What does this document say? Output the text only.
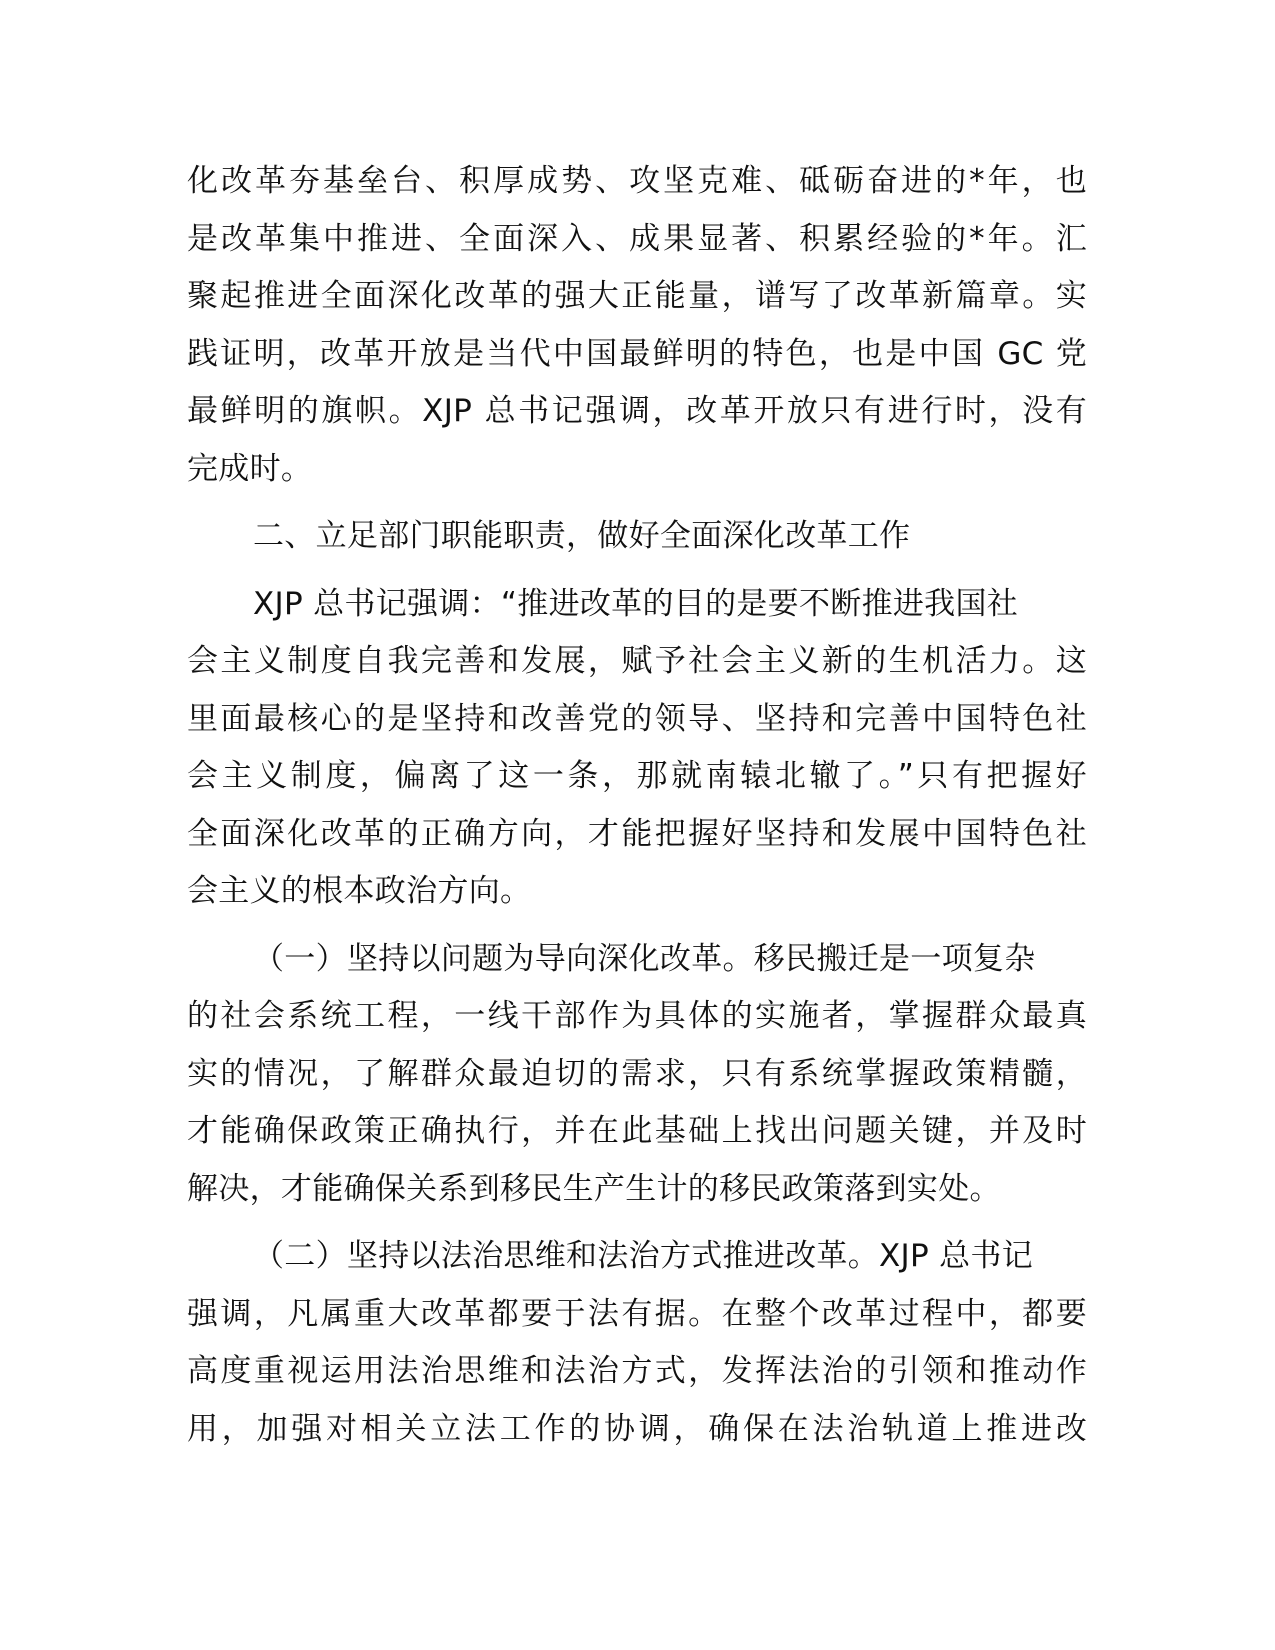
化改革夯基垒台、积厚成势、攻坚克难、砥砺奋进的*年，也
是改革集中推进、全面深入、成果显著、积累经验的*年。汇
聚起推进全面深化改革的强大正能量，谱写了改革新篇章。实
践证明，改革开放是当代中国最鲜明的特色，也是中国 GC 党
最鲜明的旗帜。XJP 总书记强调，改革开放只有进行时，没有
完成时。
二、立足部门职能职责，做好全面深化改革工作
XJP 总书记强调：“推进改革的目的是要不断推进我国社
会主义制度自我完善和发展，赋予社会主义新的生机活力。这
里面最核心的是坚持和改善党的领导、坚持和完善中国特色社
会主义制度，偏离了这一条，那就南辕北辙了。”只有把握好
全面深化改革的正确方向，才能把握好坚持和发展中国特色社
会主义的根本政治方向。
（一）坚持以问题为导向深化改革。移民搬迁是一项复杂
的社会系统工程，一线干部作为具体的实施者，掌握群众最真
实的情况，了解群众最迫切的需求，只有系统掌握政策精髓，
才能确保政策正确执行，并在此基础上找出问题关键，并及时
解决，才能确保关系到移民生产生计的移民政策落到实处。
（二）坚持以法治思维和法治方式推进改革。XJP 总书记
强调，凡属重大改革都要于法有据。在整个改革过程中，都要
高度重视运用法治思维和法治方式，发挥法治的引领和推动作
用，加强对相关立法工作的协调，确保在法治轨道上推进改
